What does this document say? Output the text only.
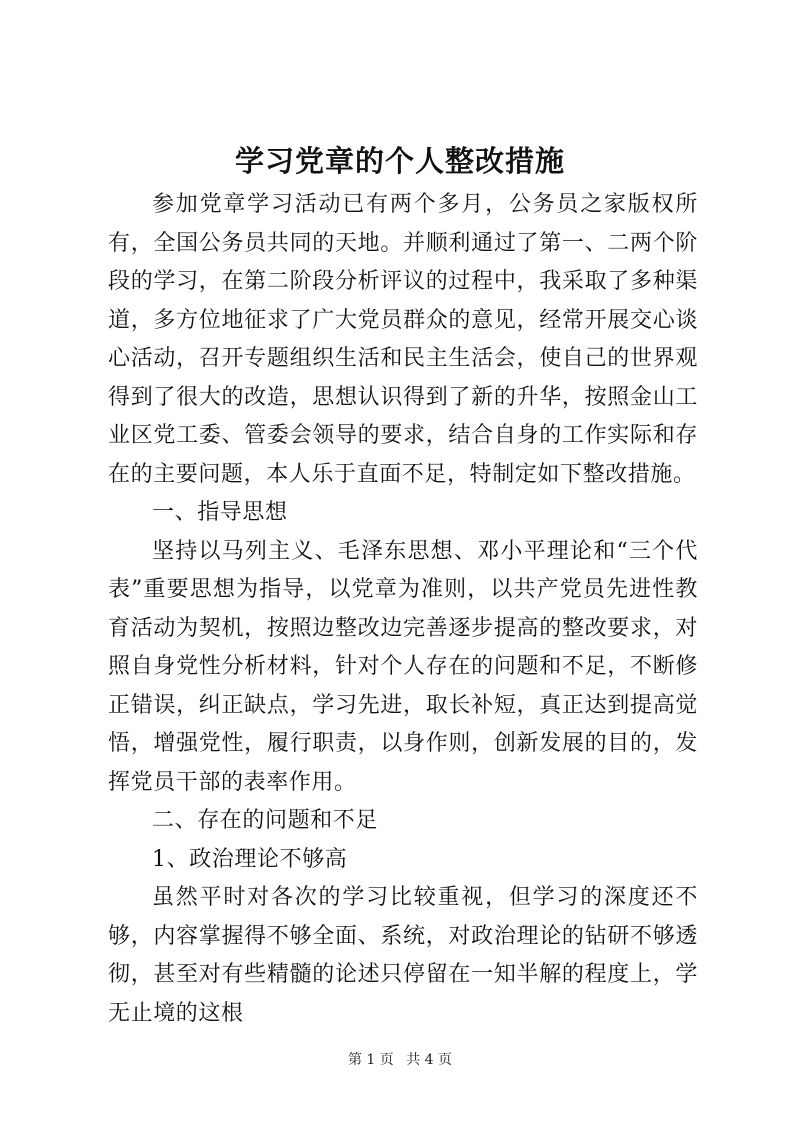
学习党章的个人整改措施

参加党章学习活动已有两个多月，公务员之家版权所有，全国公务员共同的天地。并顺利通过了第一、二两个阶段的学习，在第二阶段分析评议的过程中，我采取了多种渠道，多方位地征求了广大党员群众的意见，经常开展交心谈心活动，召开专题组织生活和民主生活会，使自己的世界观得到了很大的改造，思想认识得到了新的升华，按照金山工业区党工委、管委会领导的要求，结合自身的工作实际和存在的主要问题，本人乐于直面不足，特制定如下整改措施。

一、指导思想

坚持以马列主义、毛泽东思想、邓小平理论和“三个代表”重要思想为指导，以党章为准则，以共产党员先进性教育活动为契机，按照边整改边完善逐步提高的整改要求，对照自身党性分析材料，针对个人存在的问题和不足，不断修正错误，纠正缺点，学习先进，取长补短，真正达到提高觉悟，增强党性，履行职责，以身作则，创新发展的目的，发挥党员干部的表率作用。

二、存在的问题和不足

1、政治理论不够高

虽然平时对各次的学习比较重视，但学习的深度还不够，内容掌握得不够全面、系统，对政治理论的钻研不够透彻，甚至对有些精髓的论述只停留在一知半解的程度上，学无止境的这根

第 1 页 共 4 页
